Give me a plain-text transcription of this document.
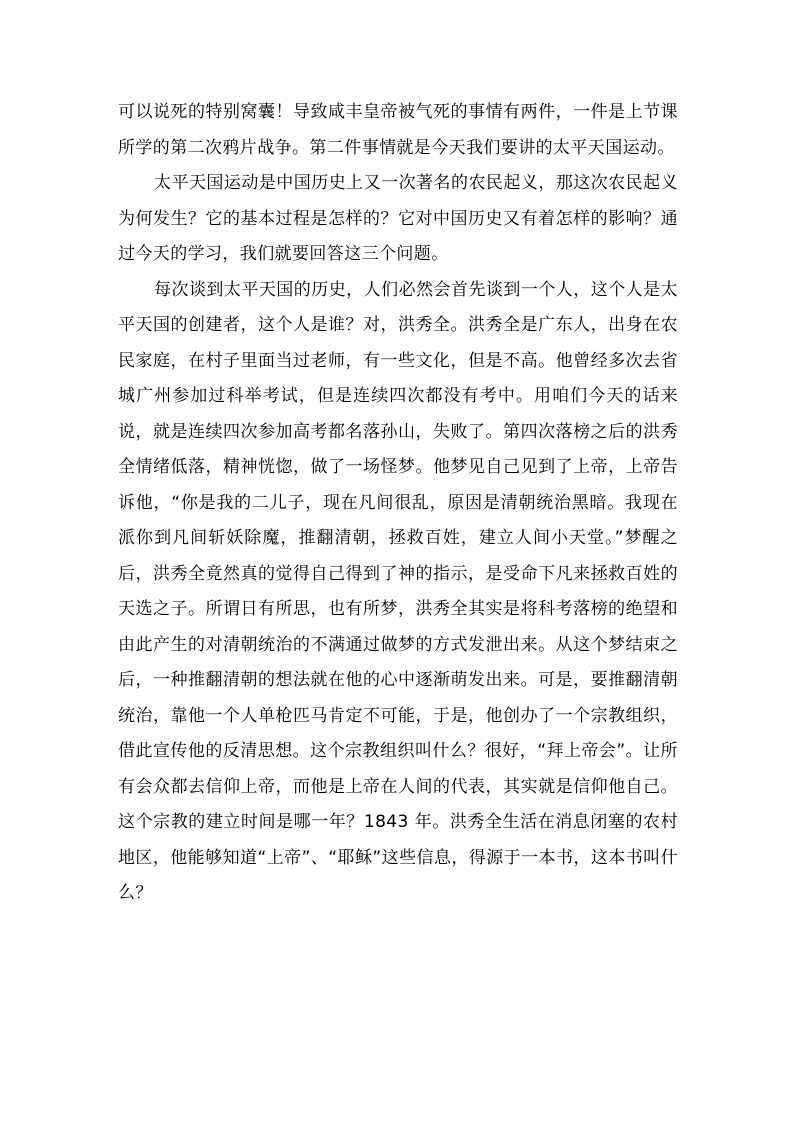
可以说死的特别窝囊！导致咸丰皇帝被气死的事情有两件，一件是上节课所学的第二次鸦片战争。第二件事情就是今天我们要讲的太平天国运动。

太平天国运动是中国历史上又一次著名的农民起义，那这次农民起义为何发生？它的基本过程是怎样的？它对中国历史又有着怎样的影响？通过今天的学习，我们就要回答这三个问题。

每次谈到太平天国的历史，人们必然会首先谈到一个人，这个人是太平天国的创建者，这个人是谁？对，洪秀全。洪秀全是广东人，出身在农民家庭，在村子里面当过老师，有一些文化，但是不高。他曾经多次去省城广州参加过科举考试，但是连续四次都没有考中。用咱们今天的话来说，就是连续四次参加高考都名落孙山，失败了。第四次落榜之后的洪秀全情绪低落，精神恍惚，做了一场怪梦。他梦见自己见到了上帝，上帝告诉他，“你是我的二儿子，现在凡间很乱，原因是清朝统治黑暗。我现在派你到凡间斩妖除魔，推翻清朝，拯救百姓，建立人间小天堂。”梦醒之后，洪秀全竟然真的觉得自己得到了神的指示，是受命下凡来拯救百姓的天选之子。所谓日有所思，也有所梦，洪秀全其实是将科考落榜的绝望和由此产生的对清朝统治的不满通过做梦的方式发泄出来。从这个梦结束之后，一种推翻清朝的想法就在他的心中逐渐萌发出来。可是，要推翻清朝统治，靠他一个人单枪匹马肯定不可能，于是，他创办了一个宗教组织，借此宣传他的反清思想。这个宗教组织叫什么？很好，“拜上帝会”。让所有会众都去信仰上帝，而他是上帝在人间的代表，其实就是信仰他自己。这个宗教的建立时间是哪一年？1843 年。洪秀全生活在消息闭塞的农村地区，他能够知道“上帝”、“耶稣”这些信息，得源于一本书，这本书叫什么？
